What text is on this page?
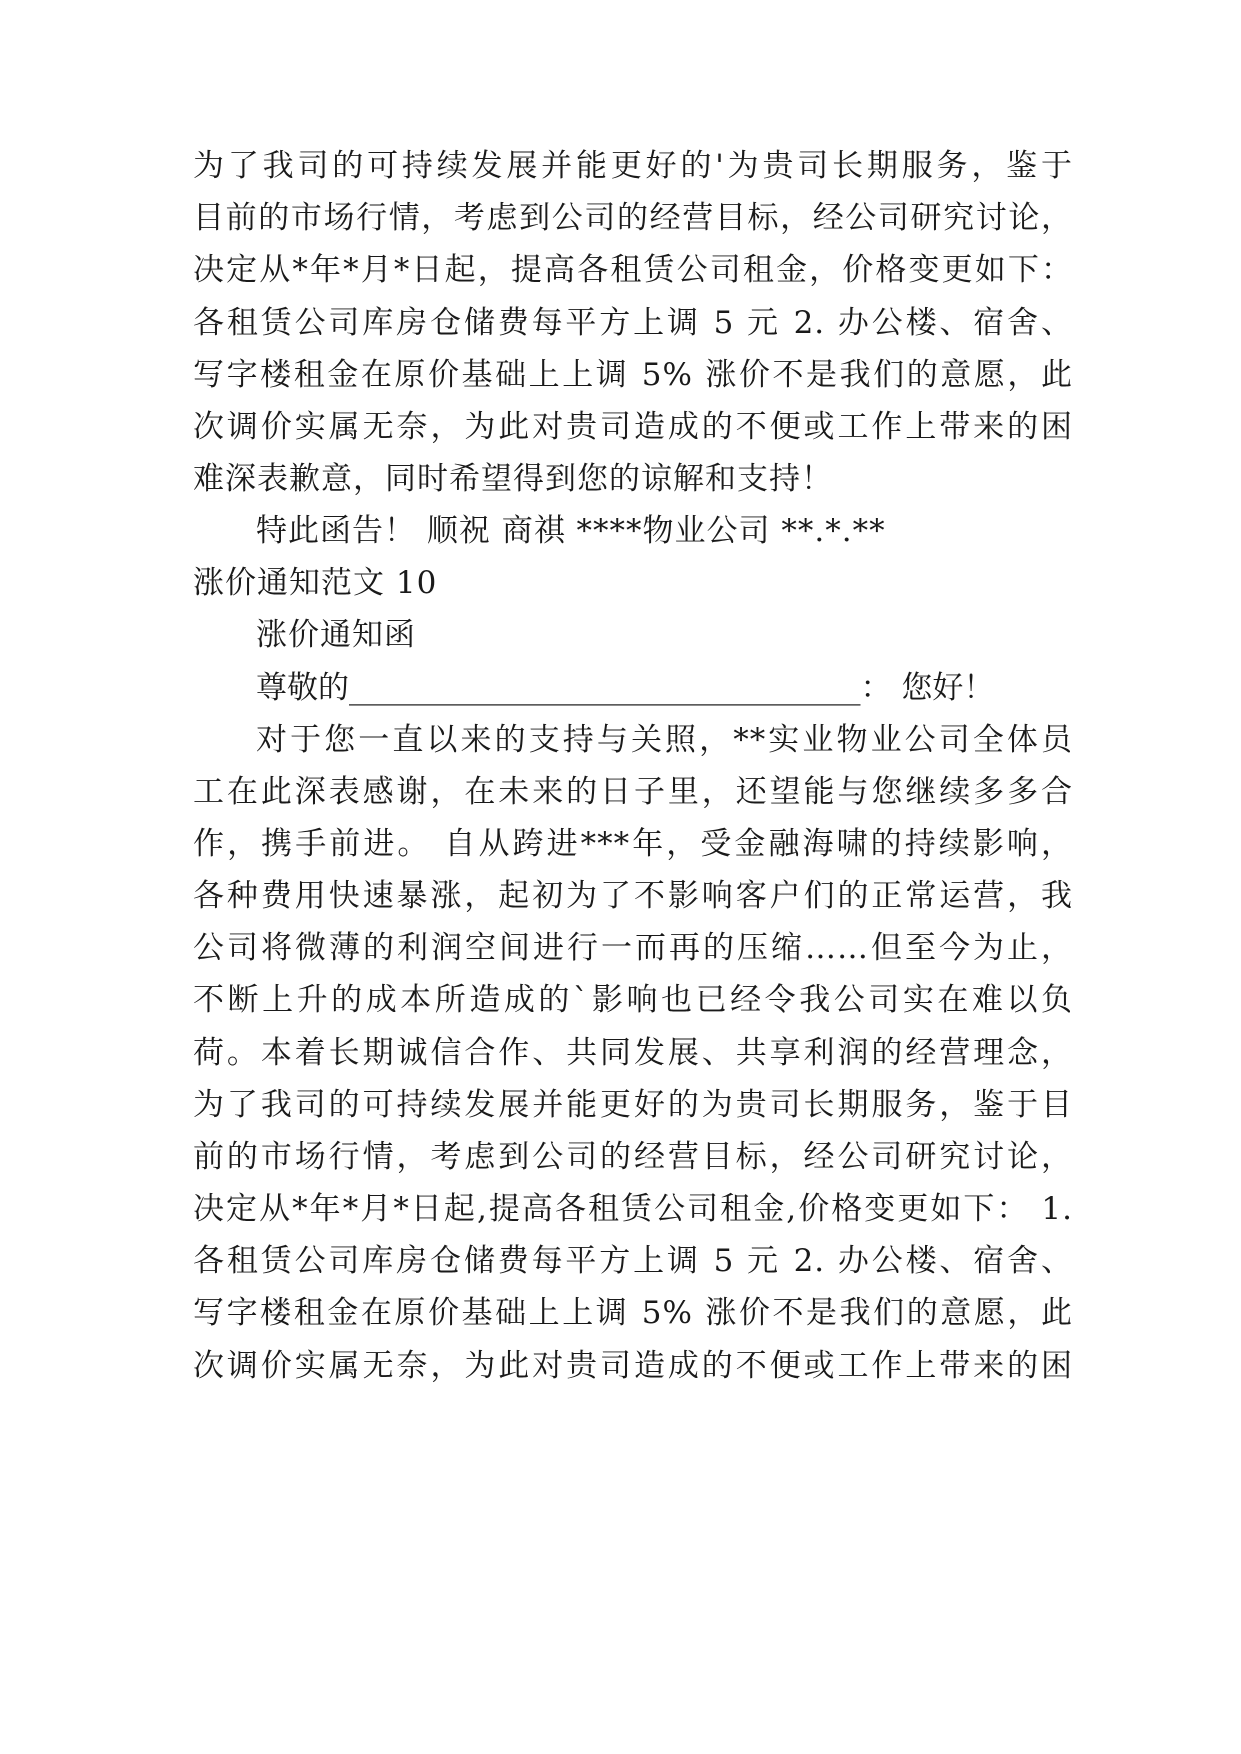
为了我司的可持续发展并能更好的'为贵司长期服务，鉴于
目前的市场行情，考虑到公司的经营目标，经公司研究讨论，
决定从*年*月*日起，提高各租赁公司租金，价格变更如下：
各租赁公司库房仓储费每平方上调 5 元 2. 办公楼、宿舍、
写字楼租金在原价基础上上调 5% 涨价不是我们的意愿，此
次调价实属无奈，为此对贵司造成的不便或工作上带来的困
难深表歉意，同时希望得到您的谅解和支持！
特此函告！ 顺祝 商祺 ****物业公司 **.*.**
涨价通知范文 10
涨价通知函
尊敬的_________________________________： 您好！
对于您一直以来的支持与关照，**实业物业公司全体员
工在此深表感谢，在未来的日子里，还望能与您继续多多合
作，携手前进。 自从跨进***年，受金融海啸的持续影响，
各种费用快速暴涨，起初为了不影响客户们的正常运营，我
公司将微薄的利润空间进行一而再的压缩……但至今为止，
不断上升的成本所造成的`影响也已经令我公司实在难以负
荷。本着长期诚信合作、共同发展、共享利润的经营理念，
为了我司的可持续发展并能更好的为贵司长期服务，鉴于目
前的市场行情，考虑到公司的经营目标，经公司研究讨论，
决定从*年*月*日起,提高各租赁公司租金,价格变更如下： 1.
各租赁公司库房仓储费每平方上调 5 元 2. 办公楼、宿舍、
写字楼租金在原价基础上上调 5% 涨价不是我们的意愿，此
次调价实属无奈，为此对贵司造成的不便或工作上带来的困
